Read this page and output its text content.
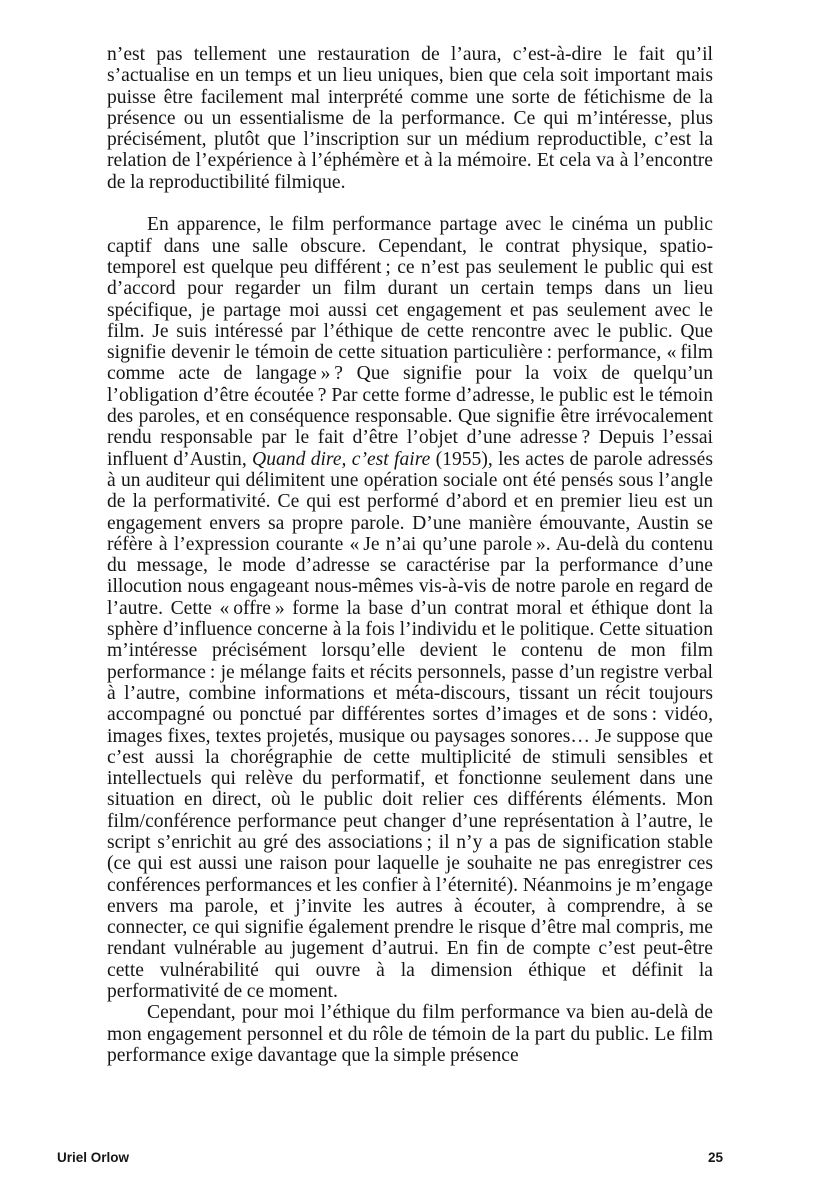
n’est pas tellement une restauration de l’aura, c’est-à-dire le fait qu’il s’actualise en un temps et un lieu uniques, bien que cela soit important mais puisse être facilement mal interprété comme une sorte de fétichisme de la présence ou un essentialisme de la performance. Ce qui m’intéresse, plus précisément, plutôt que l’inscription sur un médium reproductible, c’est la relation de l’expérience à l’éphémère et à la mémoire. Et cela va à l’encontre de la reproductibilité filmique.

En apparence, le film performance partage avec le cinéma un public captif dans une salle obscure. Cependant, le contrat physique, spatio-temporel est quelque peu différent ; ce n’est pas seulement le public qui est d’accord pour regarder un film durant un certain temps dans un lieu spécifique, je partage moi aussi cet engagement et pas seulement avec le film. Je suis intéressé par l’éthique de cette rencontre avec le public. Que signifie devenir le témoin de cette situation particulière : performance, « film comme acte de langage » ? Que signifie pour la voix de quelqu’un l’obligation d’être écoutée ? Par cette forme d’adresse, le public est le témoin des paroles, et en conséquence responsable. Que signifie être irrévocalement rendu responsable par le fait d’être l’objet d’une adresse ? Depuis l’essai influent d’Austin, Quand dire, c’est faire (1955), les actes de parole adressés à un auditeur qui délimitent une opération sociale ont été pensés sous l’angle de la performativité. Ce qui est performé d’abord et en premier lieu est un engagement envers sa propre parole. D’une manière émouvante, Austin se réfère à l’expression courante « Je n’ai qu’une parole ». Au-delà du contenu du message, le mode d’adresse se caractérise par la performance d’une illocution nous engageant nous-mêmes vis-à-vis de notre parole en regard de l’autre. Cette « offre » forme la base d’un contrat moral et éthique dont la sphère d’influence concerne à la fois l’individu et le politique. Cette situation m’intéresse précisément lorsqu’elle devient le contenu de mon film performance : je mélange faits et récits personnels, passe d’un registre verbal à l’autre, combine informations et méta-discours, tissant un récit toujours accompagné ou ponctué par différentes sortes d’images et de sons : vidéo, images fixes, textes projetés, musique ou paysages sonores… Je suppose que c’est aussi la chorégraphie de cette multiplicité de stimuli sensibles et intellectuels qui relève du performatif, et fonctionne seulement dans une situation en direct, où le public doit relier ces différents éléments. Mon film/conférence performance peut changer d’une représentation à l’autre, le script s’enrichit au gré des associations ; il n’y a pas de signification stable (ce qui est aussi une raison pour laquelle je souhaite ne pas enregistrer ces conférences performances et les confier à l’éternité). Néanmoins je m’engage envers ma parole, et j’invite les autres à écouter, à comprendre, à se connecter, ce qui signifie également prendre le risque d’être mal compris, me rendant vulnérable au jugement d’autrui. En fin de compte c’est peut-être cette vulnérabilité qui ouvre à la dimension éthique et définit la performativité de ce moment.

Cependant, pour moi l’éthique du film performance va bien au-delà de mon engagement personnel et du rôle de témoin de la part du public. Le film performance exige davantage que la simple présence

Uriel Orlow	25
